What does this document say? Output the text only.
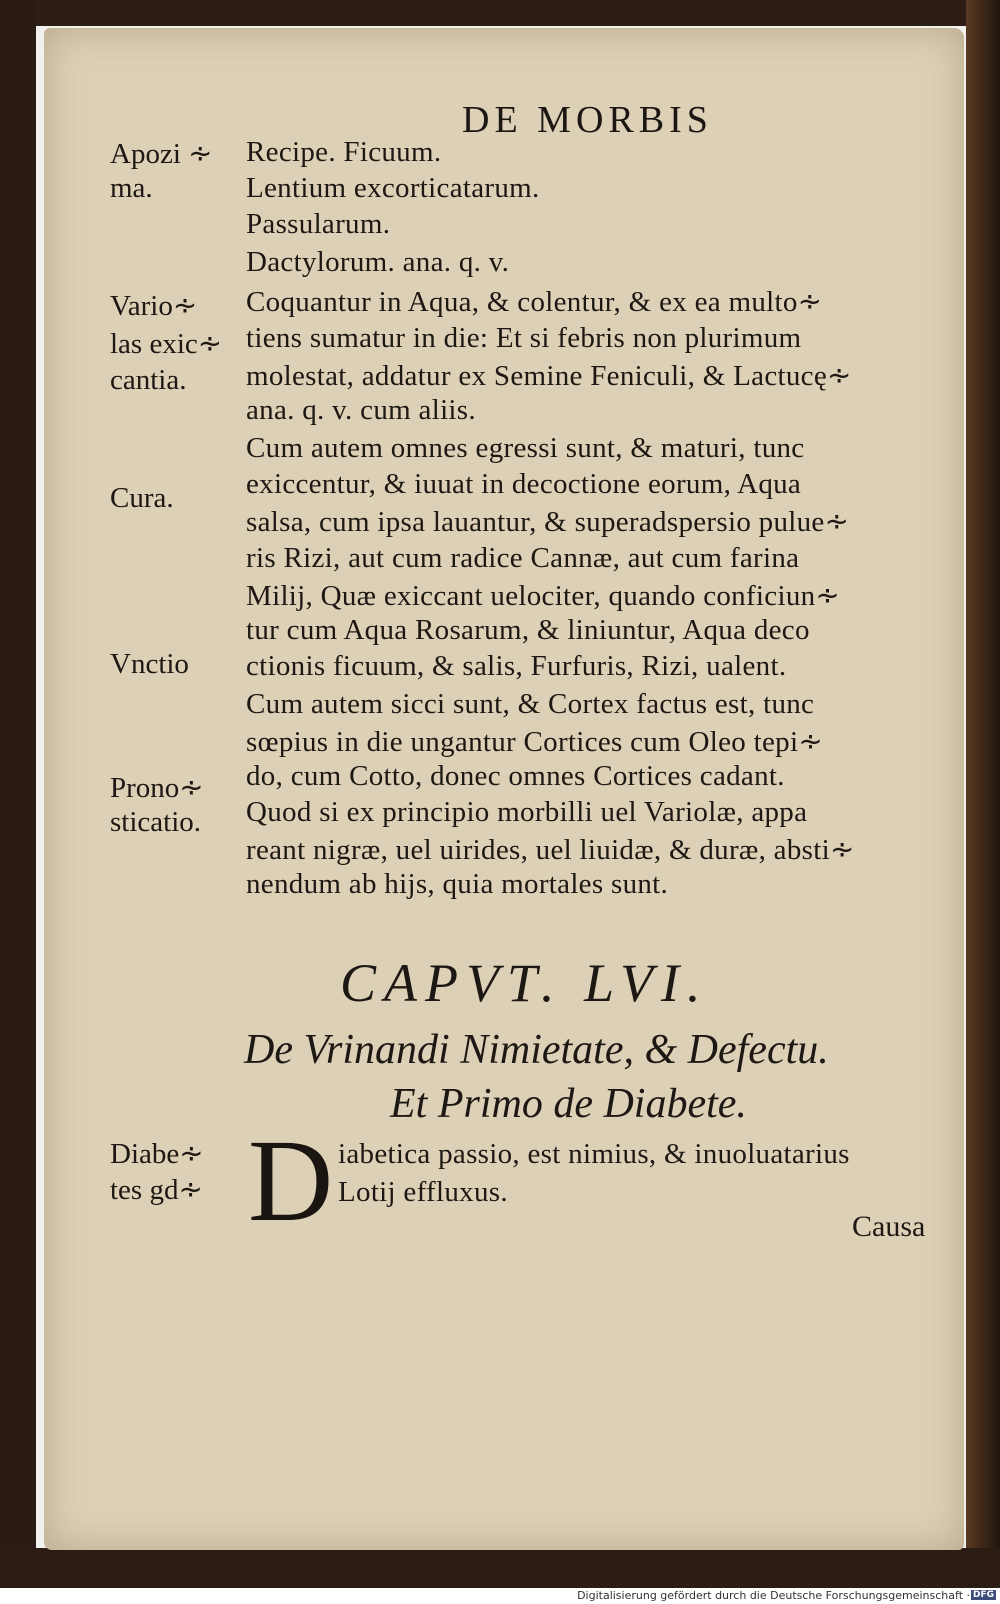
DE MORBIS
Apozi ∻
ma.
Vario∻
las exic∻
cantia.
Cura.
Vnctio
Prono∻
sticatio.
Diabe∻
tes gd∻
Recipe. Ficuum.
Lentium excorticatarum.
Passularum.
Dactylorum. ana. q. v.
Coquantur in Aqua, & colentur, & ex ea multo∻
tiens sumatur in die: Et si febris non plurimum
molestat, addatur ex Semine Feniculi, & Lactucę∻
ana. q. v. cum aliis.
Cum autem omnes egressi sunt, & maturi, tunc
exiccentur, & iuuat in decoctione eorum, Aqua
salsa, cum ipsa lauantur, & superadspersio pulue∻
ris Rizi, aut cum radice Cannæ, aut cum farina
Milij, Quæ exiccant uelociter, quando conficiun∻
tur cum Aqua Rosarum, & liniuntur, Aqua deco
ctionis ficuum, & salis, Furfuris, Rizi, ualent.
Cum autem sicci sunt, & Cortex factus est, tunc
sœpius in die ungantur Cortices cum Oleo tepi∻
do, cum Cotto, donec omnes Cortices cadant.
Quod si ex principio morbilli uel Variolæ, appa
reant nigræ, uel uirides, uel liuidæ, & duræ, absti∻
nendum ab hijs, quia mortales sunt.
CAPVT. LVI.
De Vrinandi Nimietate, & Defectu.
Et Primo de Diabete.
D iabetica passio, est nimius, & inuoluatarius
Lotij effluxus.
Causa
Digitalisierung gefördert durch die Deutsche Forschungsgemeinschaft · DFG
